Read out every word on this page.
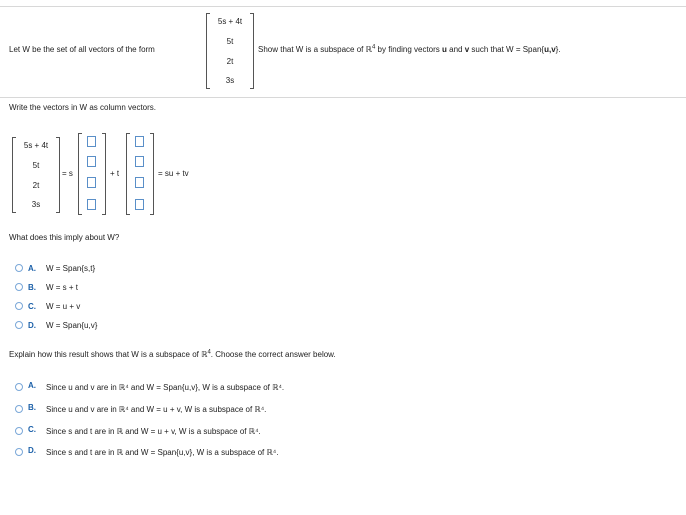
Let W be the set of all vectors of the form
5s + 4t
5t
2t
3s
Show that W is a subspace of ℝ$^4$ by finding vectors u and v such that W = Span{u,v}.
Write the vectors in W as column vectors.
5s + 4t
5t
2t
3s
= s	+ t	= su + tv
What does this imply about W?
A. W = Span{s,t}
B. W = s + t
C. W = u + v
D. W = Span{u,v}
Explain how this result shows that W is a subspace of ℝ$^4$. Choose the correct answer below.
A. Since u and v are in ℝ⁴ and W = Span{u,v}, W is a subspace of ℝ⁴.
B. Since u and v are in ℝ⁴ and W = u + v, W is a subspace of ℝ⁴.
C. Since s and t are in ℝ and W = u + v, W is a subspace of ℝ⁴.
D. Since s and t are in ℝ and W = Span{u,v}, W is a subspace of ℝ⁴.
